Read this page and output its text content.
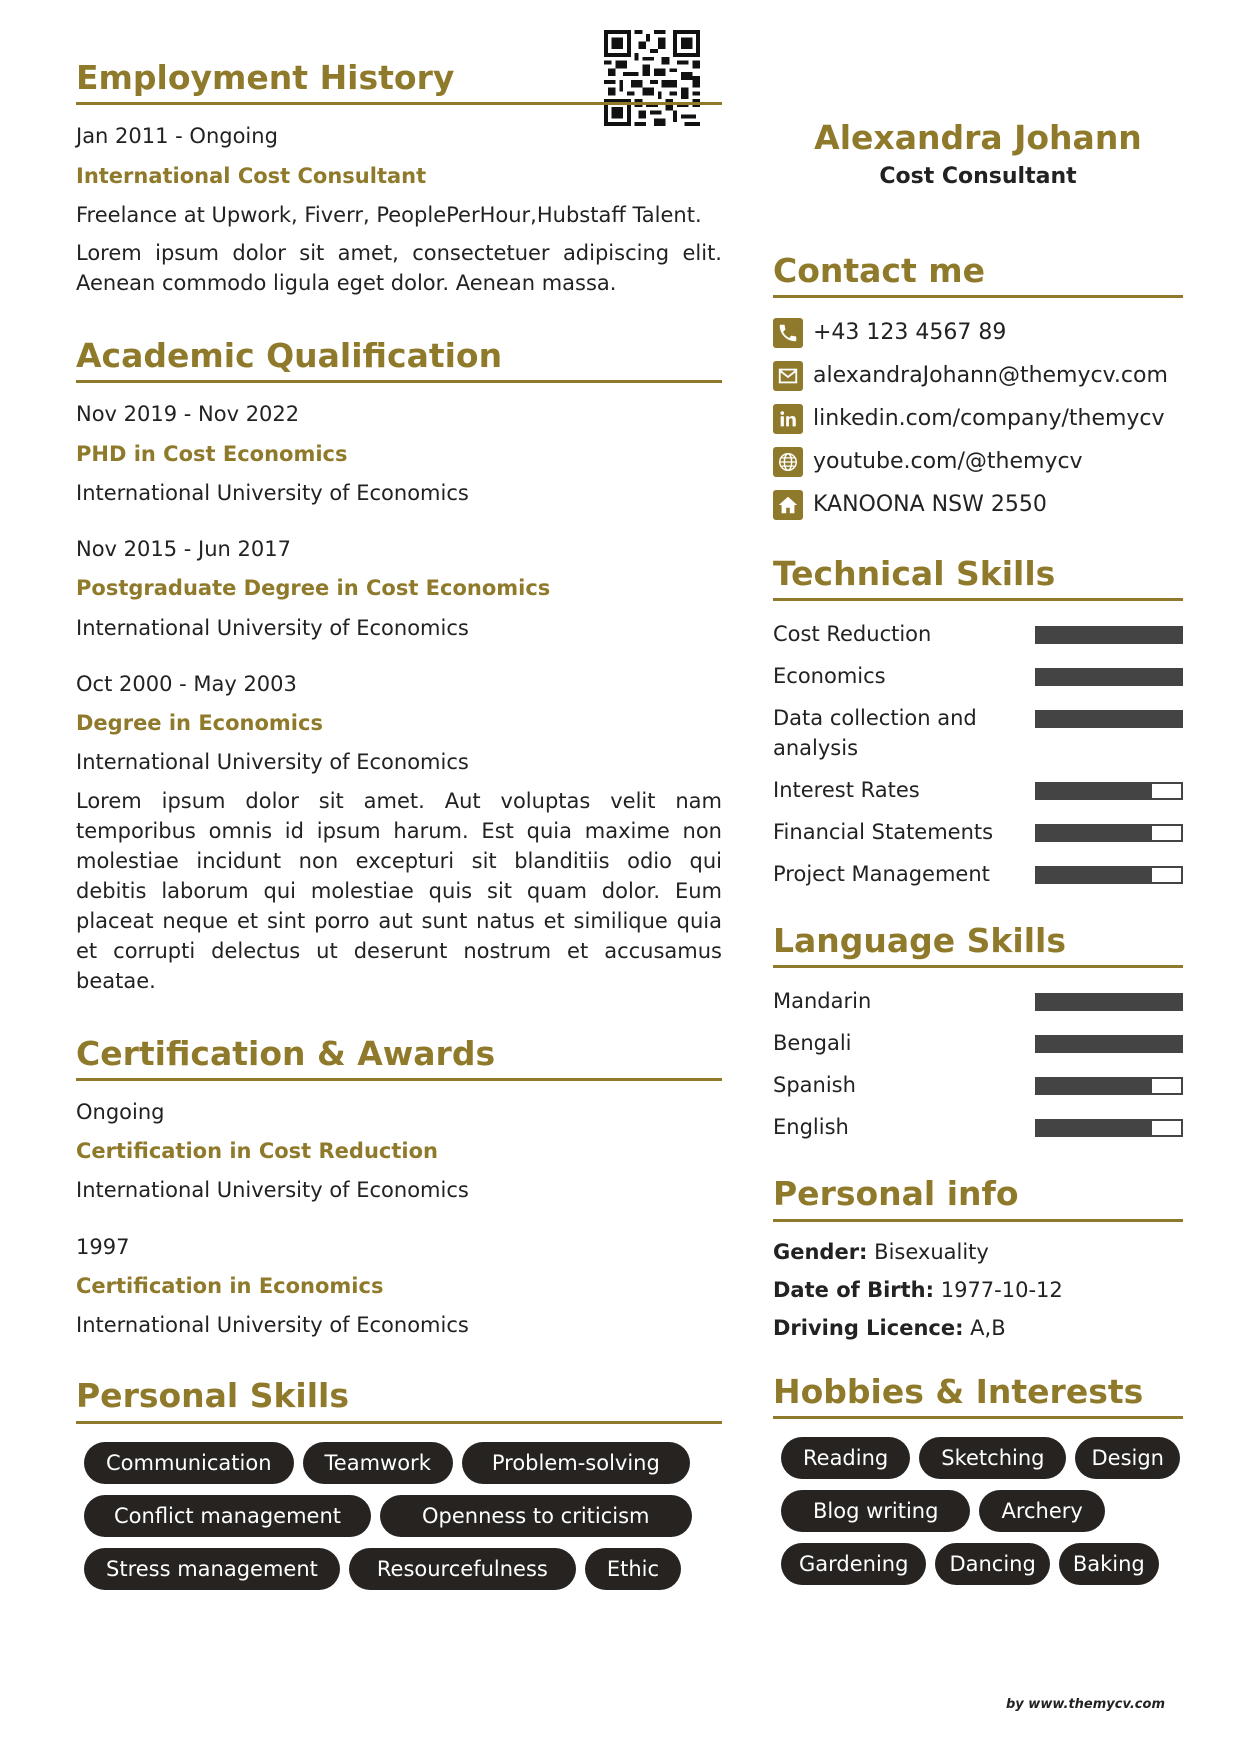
Employment History
Jan 2011 - Ongoing
International Cost Consultant
Freelance at Upwork, Fiverr, PeoplePerHour,Hubstaff Talent.
Lorem ipsum dolor sit amet, consectetuer adipiscing elit. Aenean commodo ligula eget dolor. Aenean massa.
Academic Qualification
Nov 2019 - Nov 2022
PHD in Cost Economics
International University of Economics
Nov 2015 - Jun 2017
Postgraduate Degree in Cost Economics
International University of Economics
Oct 2000 - May 2003
Degree in Economics
International University of Economics
Lorem ipsum dolor sit amet. Aut voluptas velit nam temporibus omnis id ipsum harum. Est quia maxime non molestiae incidunt non excepturi sit blanditiis odio qui debitis laborum qui molestiae quis sit quam dolor. Eum placeat neque et sint porro aut sunt natus et similique quia et corrupti delectus ut deserunt nostrum et accusamus beatae.
Certification & Awards
Ongoing
Certification in Cost Reduction
International University of Economics
1997
Certification in Economics
International University of Economics
Personal Skills
Communication	Teamwork	Problem-solving
Conflict management	Openness to criticism
Stress management	Resourcefulness	Ethic
Alexandra Johann
Cost Consultant
Contact me
+43 123 4567 89
alexandraJohann@themycv.com
linkedin.com/company/themycv
youtube.com/@themycv
KANOONA NSW 2550
Technical Skills
Cost Reduction
Economics
Data collection and analysis
Interest Rates
Financial Statements
Project Management
Language Skills
Mandarin
Bengali
Spanish
English
Personal info
Gender: Bisexuality
Date of Birth: 1977-10-12
Driving Licence: A,B
Hobbies & Interests
Reading	Sketching	Design
Blog writing	Archery
Gardening	Dancing	Baking
by www.themycv.com
